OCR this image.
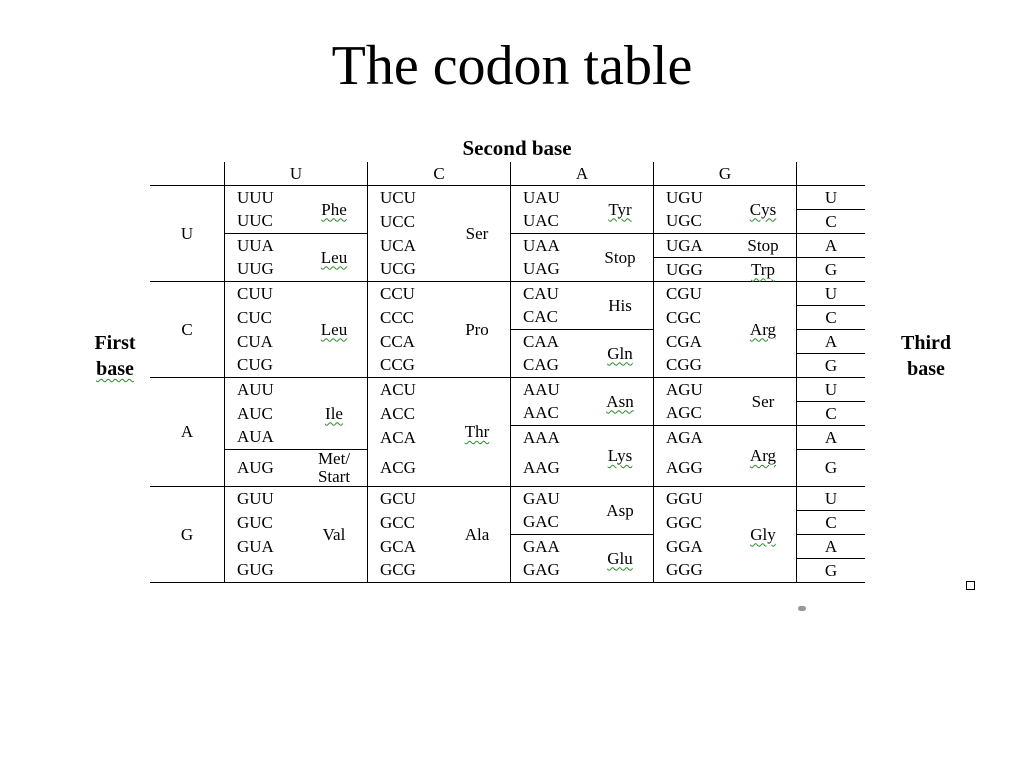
The codon table
Second base
First
base
Third
base
	U		C		A		G		
U	UUU	Phe	UCU	Ser	UAU	Tyr	UGU	Cys	U
	UUC		UCC		UAC		UGC		C
	UUA	Leu	UCA		UAA	Stop	UGA	Stop	A
	UUG		UCG		UAG		UGG	Trp	G
C	CUU	Leu	CCU	Pro	CAU	His	CGU	Arg	U
	CUC		CCC		CAC		CGC		C
	CUA		CCA		CAA	Gln	CGA		A
	CUG		CCG		CAG		CGG		G
A	AUU	Ile	ACU	Thr	AAU	Asn	AGU	Ser	U
	AUC		ACC		AAC		AGC		C
	AUA		ACA		AAA	Lys	AGA	Arg	A
	AUG	Met/
Start	ACG		AAG		AGG		G
G	GUU	Val	GCU	Ala	GAU	Asp	GGU	Gly	U
	GUC		GCC		GAC		GGC		C
	GUA		GCA		GAA	Glu	GGA		A
	GUG		GCG		GAG		GGG		G
